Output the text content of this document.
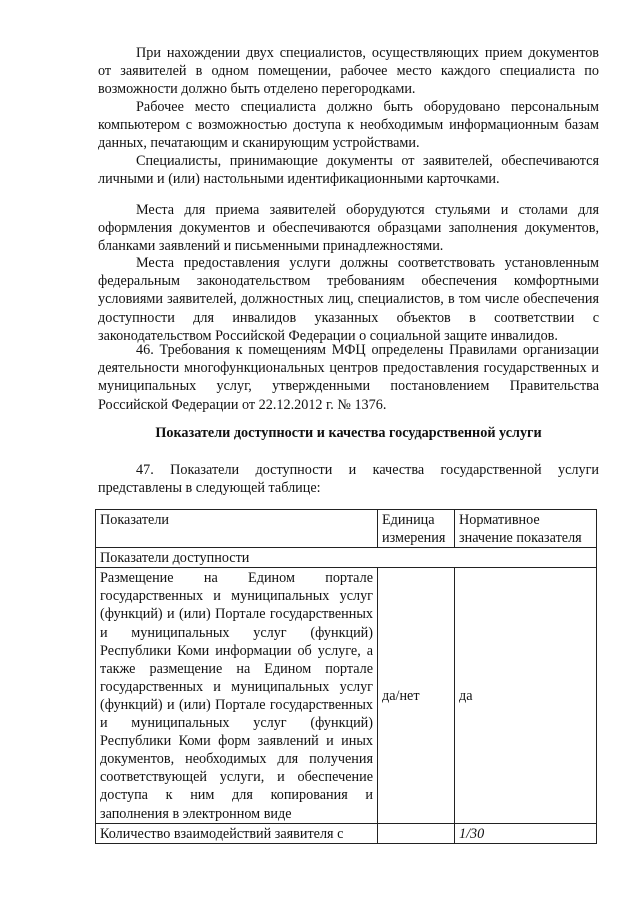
При нахождении двух специалистов, осуществляющих прием документов от заявителей в одном помещении, рабочее место каждого специалиста по возможности должно быть отделено перегородками.

Рабочее место специалиста должно быть оборудовано персональным компьютером с возможностью доступа к необходимым информационным базам данных, печатающим и сканирующим устройствами.

Специалисты, принимающие документы от заявителей, обеспечиваются личными и (или) настольными идентификационными карточками.

Места для приема заявителей оборудуются стульями и столами для оформления документов и обеспечиваются образцами заполнения документов, бланками заявлений и письменными принадлежностями.

Места предоставления услуги должны соответствовать установленным федеральным законодательством требованиям обеспечения комфортными условиями заявителей, должностных лиц, специалистов, в том числе обеспечения доступности для инвалидов указанных объектов в соответствии с законодательством Российской Федерации о социальной защите инвалидов.

46. Требования к помещениям МФЦ определены Правилами организации деятельности многофункциональных центров предоставления государственных и муниципальных услуг, утвержденными постановлением Правительства Российской Федерации от 22.12.2012 г. № 1376.

Показатели доступности и качества государственной услуги

47. Показатели доступности и качества государственной услуги представлены в следующей таблице:

Показатели	Единица измерения	Нормативное значение показателя
Показатели доступности		
Размещение на Едином портале государственных и муниципальных услуг (функций) и (или) Портале государственных и муниципальных услуг (функций) Республики Коми информации об услуге, а также размещение на Едином портале государственных и муниципальных услуг (функций) и (или) Портале государственных и муниципальных услуг (функций) Республики Коми форм заявлений и иных документов, необходимых для получения соответствующей услуги, и обеспечение доступа к ним для копирования и заполнения в электронном виде	да/нет	да
Количество взаимодействий заявителя с		1/30
